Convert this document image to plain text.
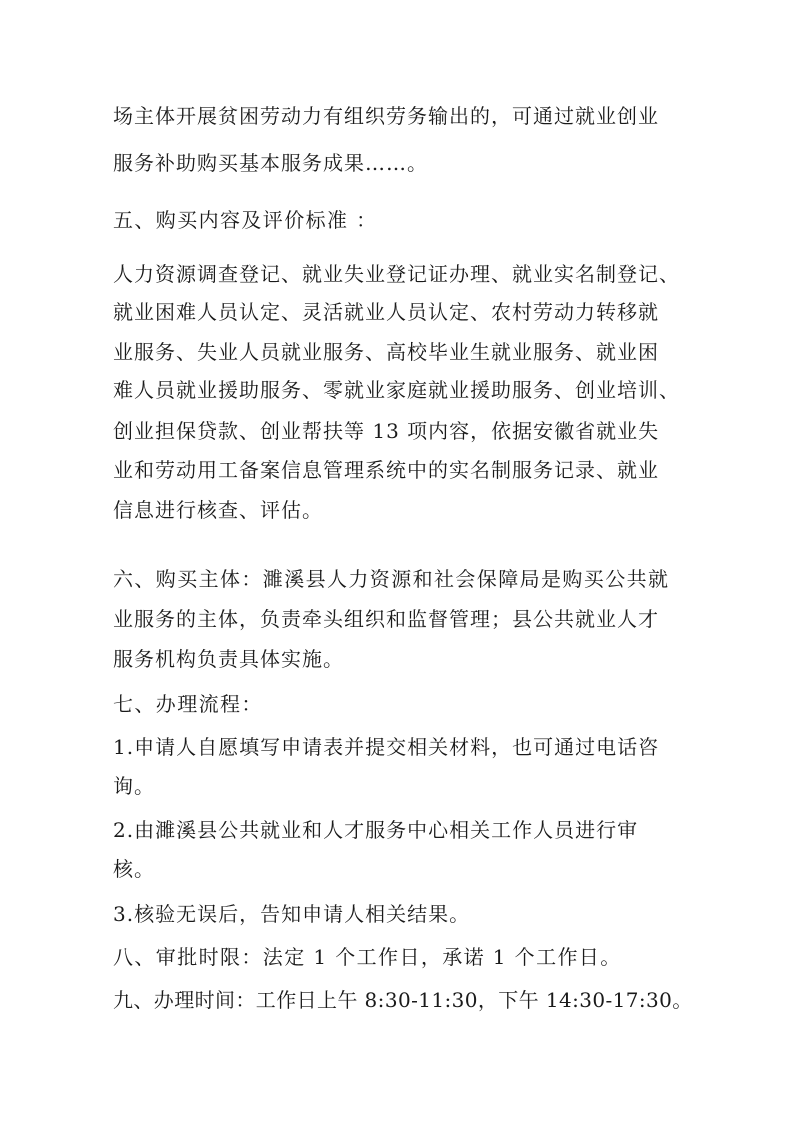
场主体开展贫困劳动力有组织劳务输出的，可通过就业创业
服务补助购买基本服务成果……。
五、购买内容及评价标准 ：
人力资源调查登记、就业失业登记证办理、就业实名制登记、
就业困难人员认定、灵活就业人员认定、农村劳动力转移就
业服务、失业人员就业服务、高校毕业生就业服务、就业困
难人员就业援助服务、零就业家庭就业援助服务、创业培训、
创业担保贷款、创业帮扶等 13 项内容，依据安徽省就业失
业和劳动用工备案信息管理系统中的实名制服务记录、就业
信息进行核查、评估。
六、购买主体：濉溪县人力资源和社会保障局是购买公共就
业服务的主体，负责牵头组织和监督管理；县公共就业人才
服务机构负责具体实施。
七、办理流程：
1.申请人自愿填写申请表并提交相关材料，也可通过电话咨
询。
2.由濉溪县公共就业和人才服务中心相关工作人员进行审
核。
3.核验无误后，告知申请人相关结果。
八、审批时限：法定 1 个工作日，承诺 1 个工作日。
九、办理时间：工作日上午 8:30-11:30，下午 14:30-17:30。
